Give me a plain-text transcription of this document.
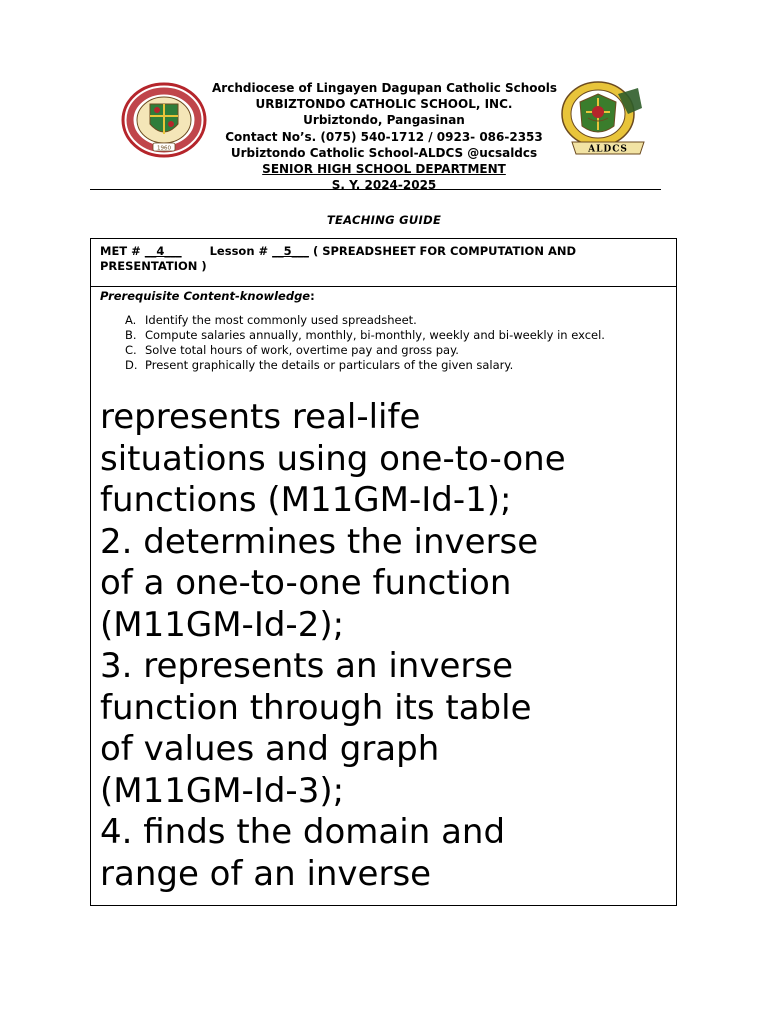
1960
Archdiocese of Lingayen Dagupan Catholic Schools
URBIZTONDO CATHOLIC SCHOOL, INC.
Urbiztondo, Pangasinan
Contact No’s. (075) 540-1712 / 0923- 086-2353
Urbiztondo Catholic School-ALDCS @ucsaldcs
SENIOR HIGH SCHOOL DEPARTMENT
S. Y. 2024-2025
ALDCS
TEACHING GUIDE
MET # __4___ Lesson # __5___ ( SPREADSHEET FOR COMPUTATION AND
PRESENTATION )
Prerequisite Content-knowledge:
A. Identify the most commonly used spreadsheet.
B. Compute salaries annually, monthly, bi-monthly, weekly and bi-weekly in excel.
C. Solve total hours of work, overtime pay and gross pay.
D. Present graphically the details or particulars of the given salary.
represents real-life
situations using one-to-one
functions (M11GM-Id-1);
2. determines the inverse
of a one-to-one function
(M11GM-Id-2);
3. represents an inverse
function through its table
of values and graph
(M11GM-Id-3);
4. finds the domain and
range of an inverse
